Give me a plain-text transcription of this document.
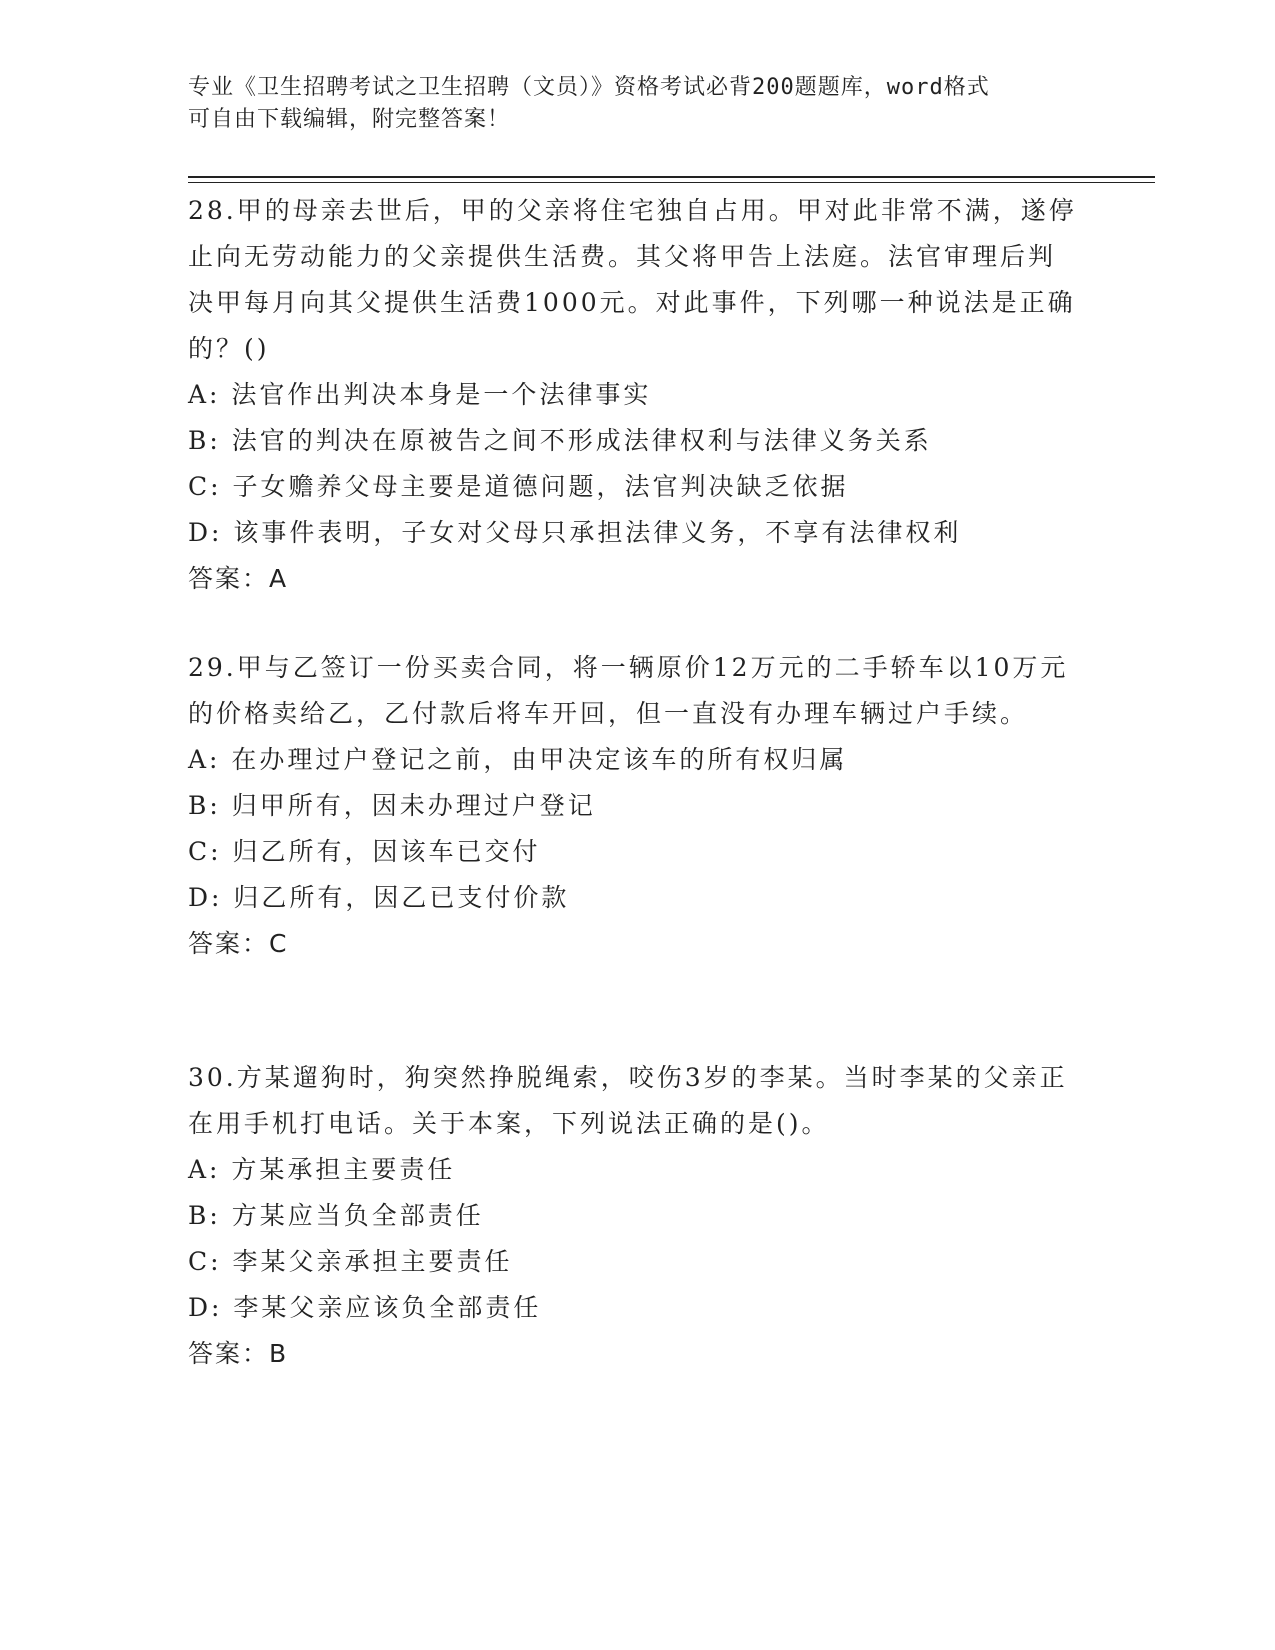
专业《卫生招聘考试之卫生招聘（文员）》资格考试必背200题题库，word格式
可自由下载编辑，附完整答案！
28.甲的母亲去世后，甲的父亲将住宅独自占用。甲对此非常不满，遂停止向无劳动能力的父亲提供生活费。其父将甲告上法庭。法官审理后判决甲每月向其父提供生活费1000元。对此事件，下列哪一种说法是正确的？()
A: 法官作出判决本身是一个法律事实
B: 法官的判决在原被告之间不形成法律权利与法律义务关系
C: 子女赡养父母主要是道德问题，法官判决缺乏依据
D: 该事件表明，子女对父母只承担法律义务，不享有法律权利
答案：A
29.甲与乙签订一份买卖合同，将一辆原价12万元的二手轿车以10万元的价格卖给乙，乙付款后将车开回，但一直没有办理车辆过户手续。
A: 在办理过户登记之前，由甲决定该车的所有权归属
B: 归甲所有，因未办理过户登记
C: 归乙所有，因该车已交付
D: 归乙所有，因乙已支付价款
答案：C
30.方某遛狗时，狗突然挣脱绳索，咬伤3岁的李某。当时李某的父亲正在用手机打电话。关于本案，下列说法正确的是()。
A: 方某承担主要责任
B: 方某应当负全部责任
C: 李某父亲承担主要责任
D: 李某父亲应该负全部责任
答案：B
